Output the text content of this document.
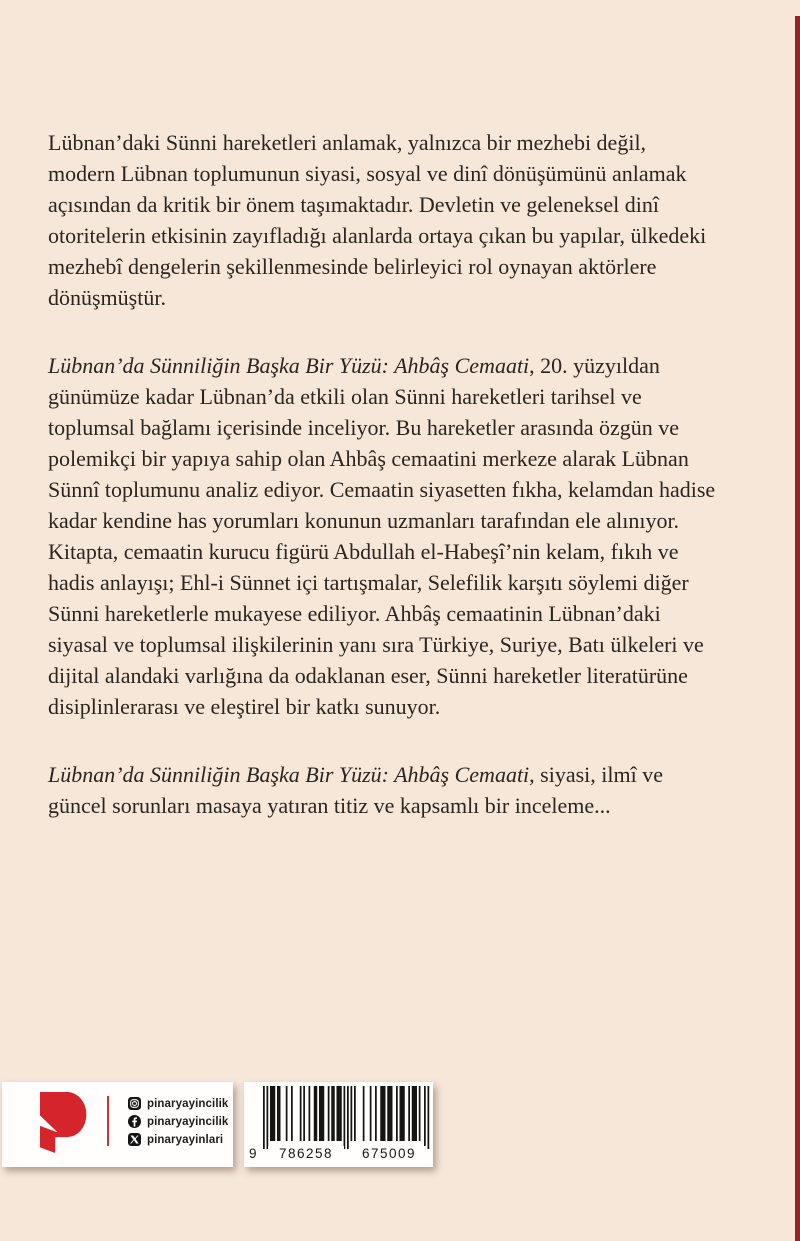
Lübnan’daki Sünni hareketleri anlamak, yalnızca bir mezhebi değil, modern Lübnan toplumunun siyasi, sosyal ve dinî dönüşümünü anlamak açısından da kritik bir önem taşımaktadır. Devletin ve geleneksel dinî otoritelerin etkisinin zayıfladığı alanlarda ortaya çıkan bu yapılar, ülkedeki mezhebî dengelerin şekillenmesinde belirleyici rol oynayan aktörlere dönüşmüştür.

Lübnan’da Sünniliğin Başka Bir Yüzü: Ahbâş Cemaati, 20. yüzyıldan günümüze kadar Lübnan’da etkili olan Sünni hareketleri tarihsel ve toplumsal bağlamı içerisinde inceliyor. Bu hareketler arasında özgün ve polemikçi bir yapıya sahip olan Ahbâş cemaatini merkeze alarak Lübnan Sünnî toplumunu analiz ediyor. Cemaatin siyasetten fıkha, kelamdan hadise kadar kendine has yorumları konunun uzmanları tarafından ele alınıyor. Kitapta, cemaatin kurucu figürü Abdullah el-Habeşî’nin kelam, fıkıh ve hadis anlayışı; Ehl-i Sünnet içi tartışmalar, Selefilik karşıtı söylemi diğer Sünni hareketlerle mukayese ediliyor. Ahbâş cemaatinin Lübnan’daki siyasal ve toplumsal ilişkilerinin yanı sıra Türkiye, Suriye, Batı ülkeleri ve dijital alandaki varlığına da odaklanan eser, Sünni hareketler literatürüne disiplinlerarası ve eleştirel bir katkı sunuyor.

Lübnan’da Sünniliğin Başka Bir Yüzü: Ahbâş Cemaati, siyasi, ilmî ve güncel sorunları masaya yatıran titiz ve kapsamlı bir inceleme...

pinaryayincilik
pinaryayincilik
pinaryayinlari
9	786258	675009
